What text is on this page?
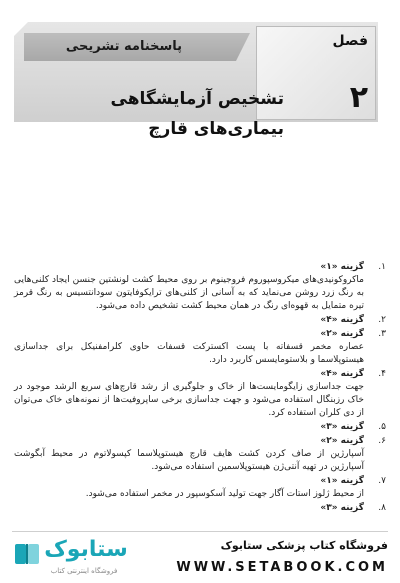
پاسخنامه تشریحی	فصل
۲
تشخیص آزمایشگاهی بیماری‌های قارچ
۱.
گزینه «۱»
ماکروکونیدی‌های میکروسپوروم فروجینوم بر روی محیط کشت لونشتین جنسن ایجاد کلنی‌هایی به رنگ زرد روشن می‌نماید که به آسانی از کلنی‌های ترایکوفایتون سودانتسیس به رنگ قرمز تیره متمایل به قهوه‌ای رنگ در همان محیط کشت تشخیص داده می‌شود.
۲.
گزینه «۴»
۳.
گزینه «۲»
عصاره مخمر قسفاته با پست اکسترکت قسفات حاوی کلرامفنیکل برای جداسازی هیستوپلاسما و بلاستومایسس کاربرد دارد.
۴.
گزینه «۴»
جهت جداسازی زایگومایست‌ها از خاک و جلوگیری از رشد قارچ‌های سریع الرشد موجود در خاک رزبنگال استفاده می‌شود و جهت جداسازی برخی ساپروفیت‌ها از نمونه‌های خاک می‌توان از دی کلران استفاده کرد.
۵.
گزینه «۳»
۶.
گزینه «۲»
آسپارژین از صاف کردن کشت هایف قارچ هیستوپلاسما کپسولاتوم در محیط آبگوشت آسپارژین در تهیه آنتی‌ژن هیستوپلاسمین استفاده می‌شود.
۷.
گزینه «۱»
از محیط ژلوز استات آگار جهت تولید آسکوسپور در مخمر استفاده می‌شود.
۸.
گزینه «۳»
ستابوک
فروشگاه اینترنتی کتاب
فروشگاه کتاب پزشکی ستابوک
WWW.SETABOOK.COM
